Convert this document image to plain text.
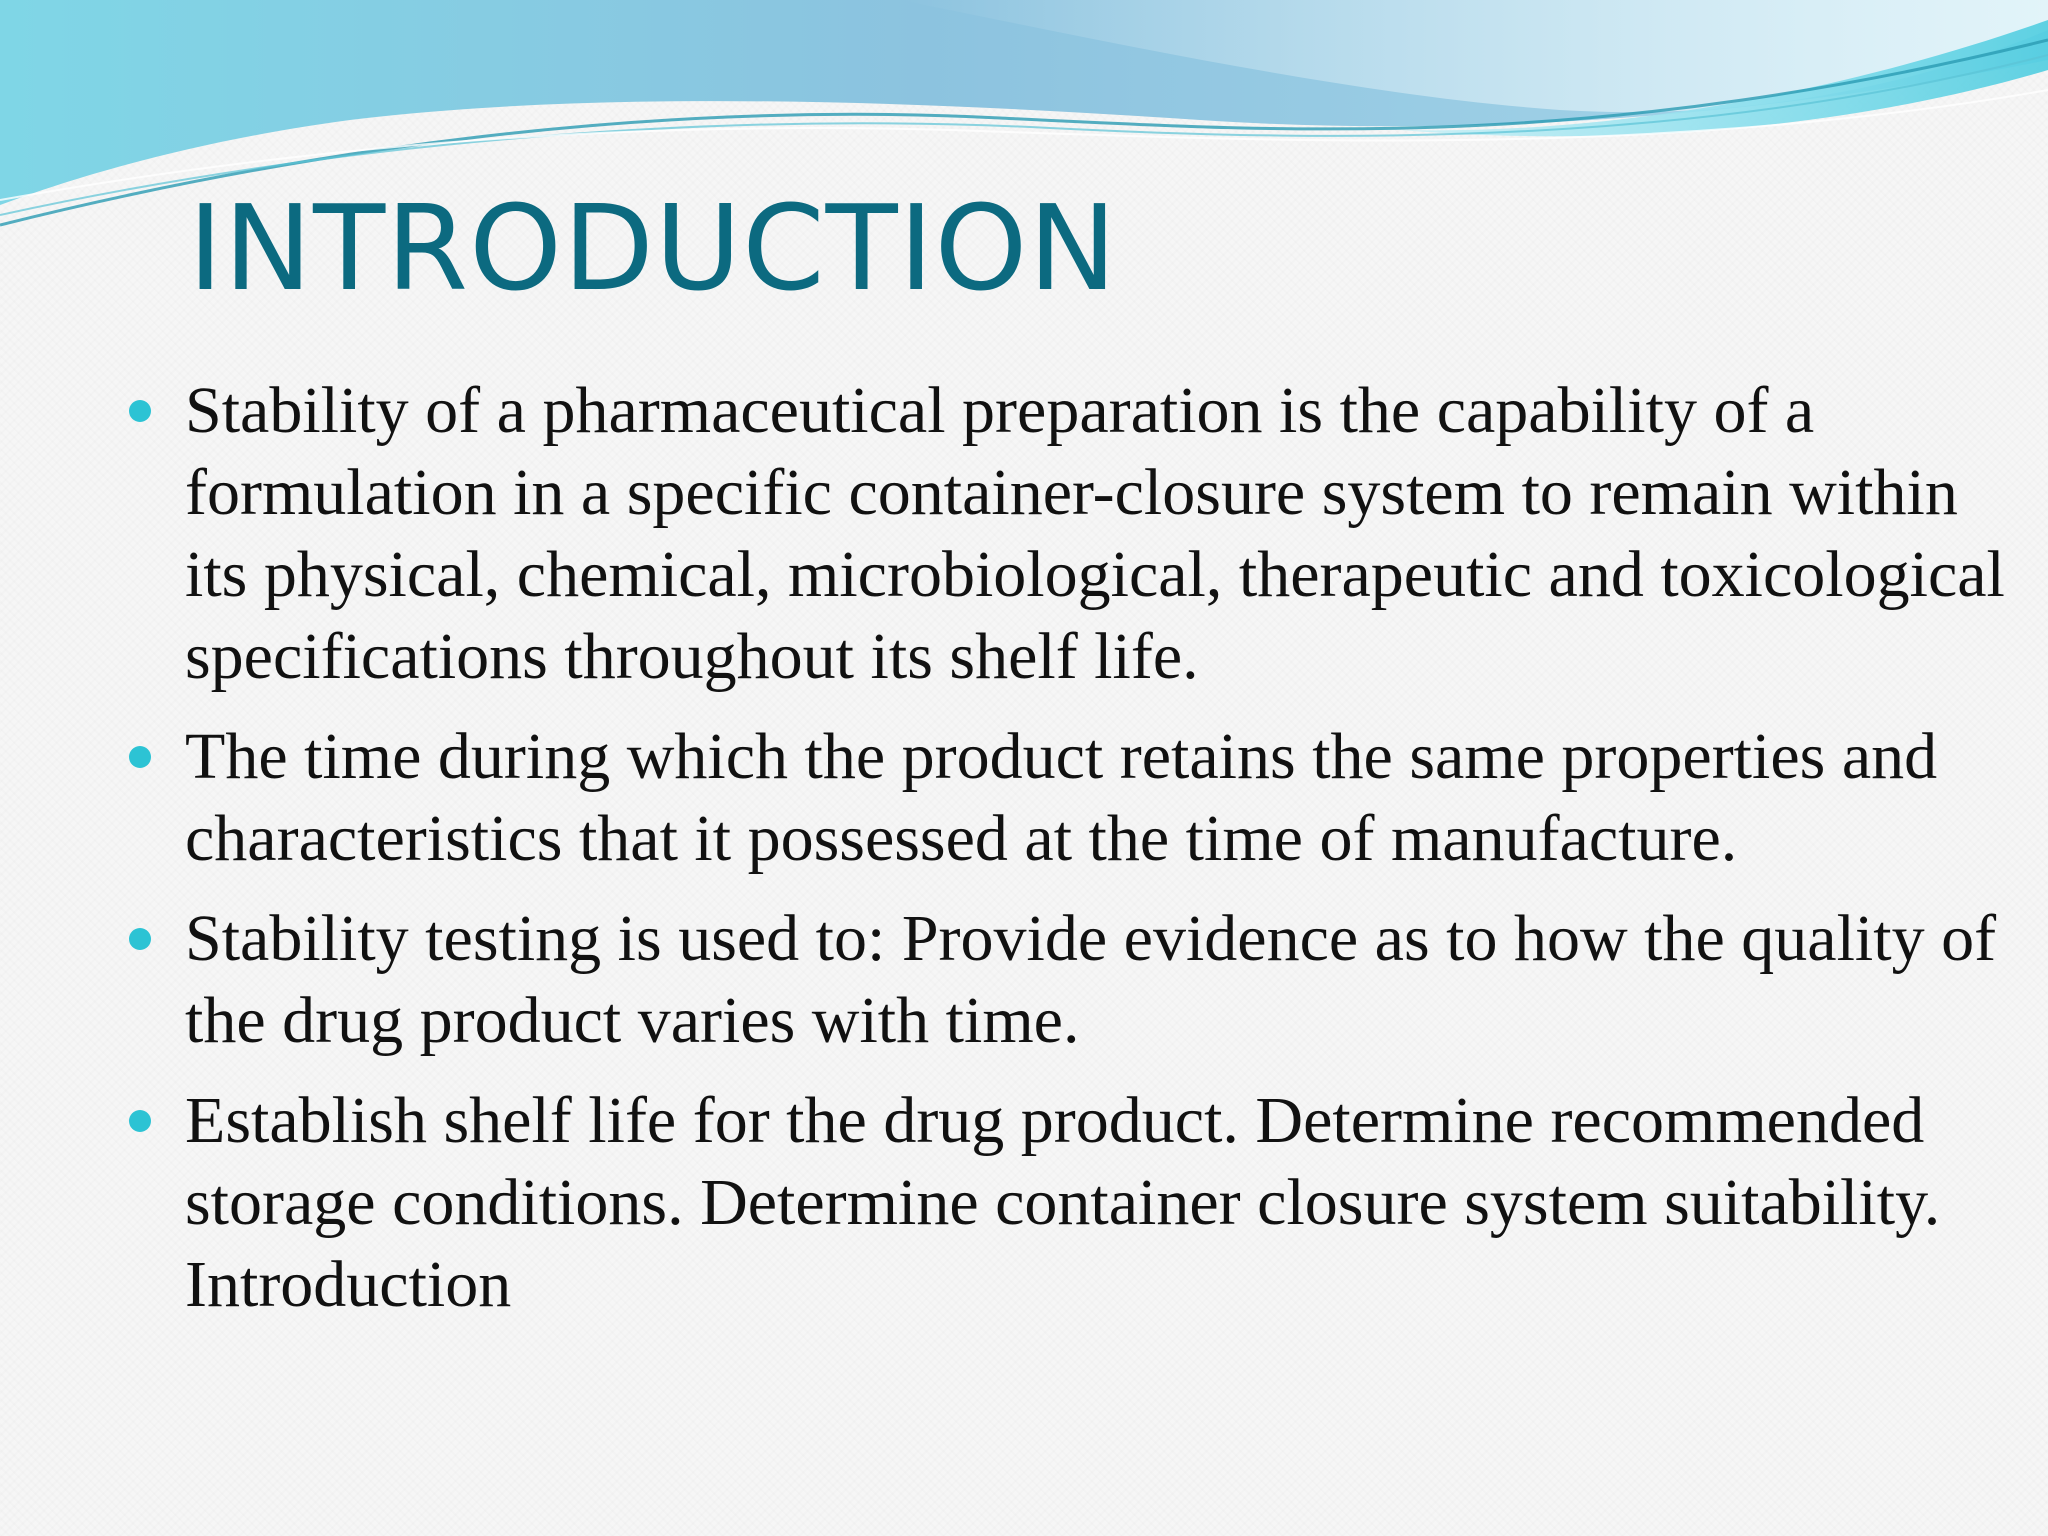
INTRODUCTION
Stability of a pharmaceutical preparation is the capability of a formulation in a specific container-closure system to remain within its physical, chemical, microbiological, therapeutic and toxicological specifications throughout its shelf life.
The time during which the product retains the same properties and characteristics that it possessed at the time of manufacture.
Stability testing is used to: Provide evidence as to how the quality of the drug product varies with time.
Establish shelf life for the drug product. Determine recommended storage conditions. Determine container closure system suitability. Introduction
